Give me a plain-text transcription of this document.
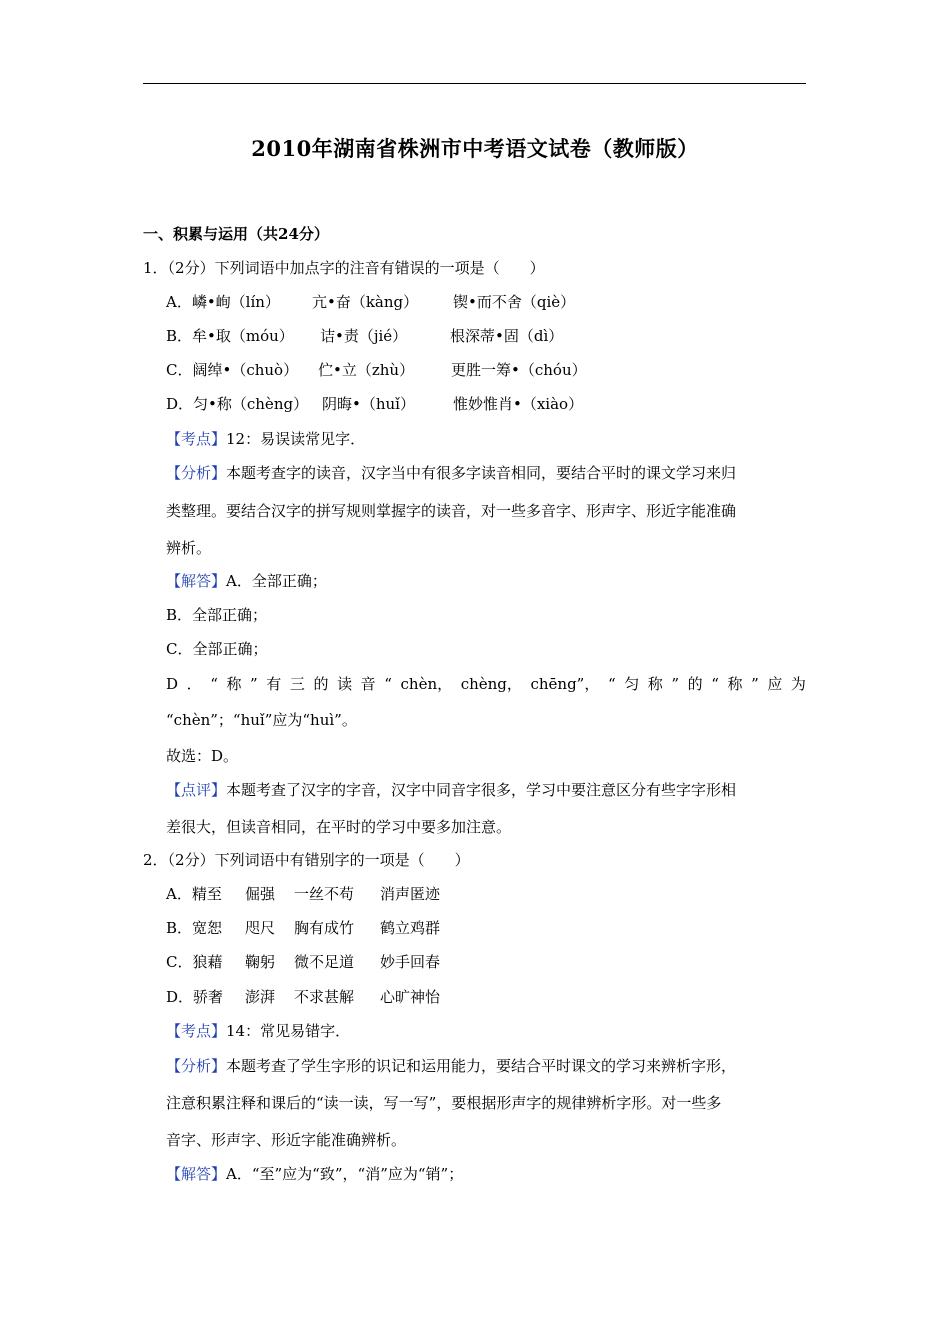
2010年湖南省株洲市中考语文试卷（教师版）
一、积累与运用（共24分）
1．（2分）下列词语中加点字的注音有错误的一项是（　　）
A．嶙•峋（lín） 亢•奋（kàng） 锲•而不舍（qiè）
B．牟•取（móu） 诘•责（jié）	根深蒂•固（dì）
C．阔绰•（chuò） 伫•立（zhù） 更胜一筹•（chóu）
D．匀•称（chèng） 阴晦•（huǐ）	惟妙惟肖•（xiào）
【考点】12：易误读常见字．
【分析】本题考查字的读音，汉字当中有很多字读音相同，要结合平时的课文学习来归
类整理。要结合汉字的拼写规则掌握字的读音，对一些多音字、形声字、形近字能准确
辨析。
【解答】A．全部正确；
B．全部正确；
C．全部正确；
D ． “ 称 ” 有 三 的 读 音 “ chèn， chèng， chēng”， “ 匀 称 ” 的 “ 称 ” 应 为
“chèn”；“huǐ”应为“huì”。
故选：D。
【点评】本题考查了汉字的字音，汉字中同音字很多，学习中要注意区分有些字字形相
差很大，但读音相同，在平时的学习中要多加注意。
2．（2分）下列词语中有错别字的一项是（　　）
A．精至 倔强 一丝不苟 消声匿迹
B．宽恕 咫尺 胸有成竹 鹤立鸡群
C．狼藉 鞠躬 微不足道 妙手回春
D．骄奢 澎湃 不求甚解 心旷神怡
【考点】14：常见易错字．
【分析】本题考查了学生字形的识记和运用能力，要结合平时课文的学习来辨析字形，
注意积累注释和课后的“读一读，写一写”，要根据形声字的规律辨析字形。对一些多
音字、形声字、形近字能准确辨析。
【解答】A．“至”应为“致”，“消”应为“销”；
